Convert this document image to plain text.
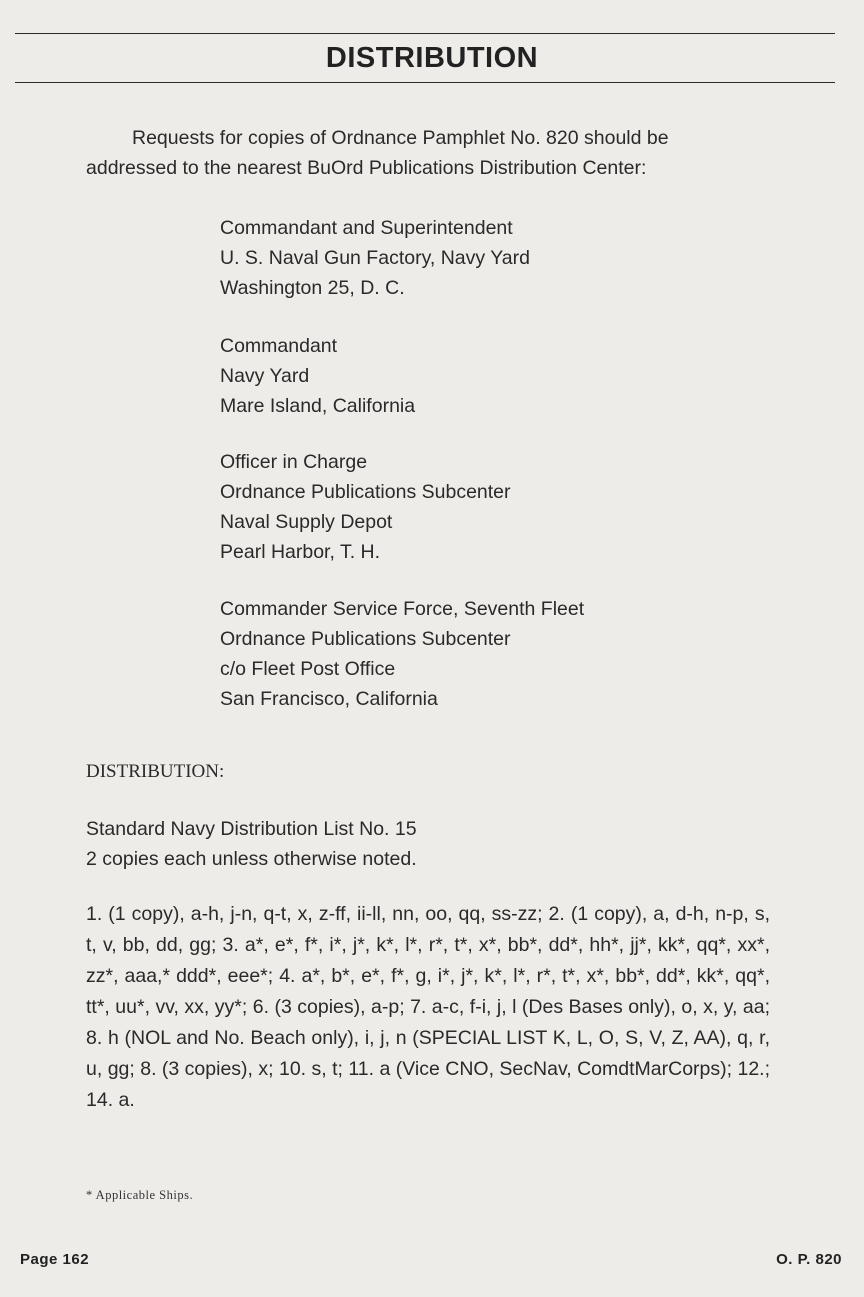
DISTRIBUTION
Requests for copies of Ordnance Pamphlet No. 820 should be
addressed to the nearest BuOrd Publications Distribution Center:
Commandant and Superintendent
U. S. Naval Gun Factory, Navy Yard
Washington 25, D. C.
Commandant
Navy Yard
Mare Island, California
Officer in Charge
Ordnance Publications Subcenter
Naval Supply Depot
Pearl Harbor, T. H.
Commander Service Force, Seventh Fleet
Ordnance Publications Subcenter
c/o Fleet Post Office
San Francisco, California
DISTRIBUTION:
Standard Navy Distribution List No. 15
2 copies each unless otherwise noted.
1. (1 copy), a-h, j-n, q-t, x, z-ff, ii-ll, nn, oo, qq, ss-zz; 2. (1 copy), a, d-h, n-p, s, t, v, bb, dd, gg; 3. a*, e*, f*, i*, j*, k*, l*, r*, t*, x*, bb*, dd*, hh*, jj*, kk*, qq*, xx*, zz*, aaa,* ddd*, eee*; 4. a*, b*, e*, f*, g, i*, j*, k*, l*, r*, t*, x*, bb*, dd*, kk*, qq*, tt*, uu*, vv, xx, yy*; 6. (3 copies), a-p; 7. a-c, f-i, j, l (Des Bases only), o, x, y, aa; 8. h (NOL and No. Beach only), i, j, n (SPECIAL LIST K, L, O, S, V, Z, AA), q, r, u, gg; 8. (3 copies), x; 10. s, t; 11. a (Vice CNO, SecNav, ComdtMarCorps); 12.; 14. a.
* Applicable Ships.
Page 162	O. P. 820
